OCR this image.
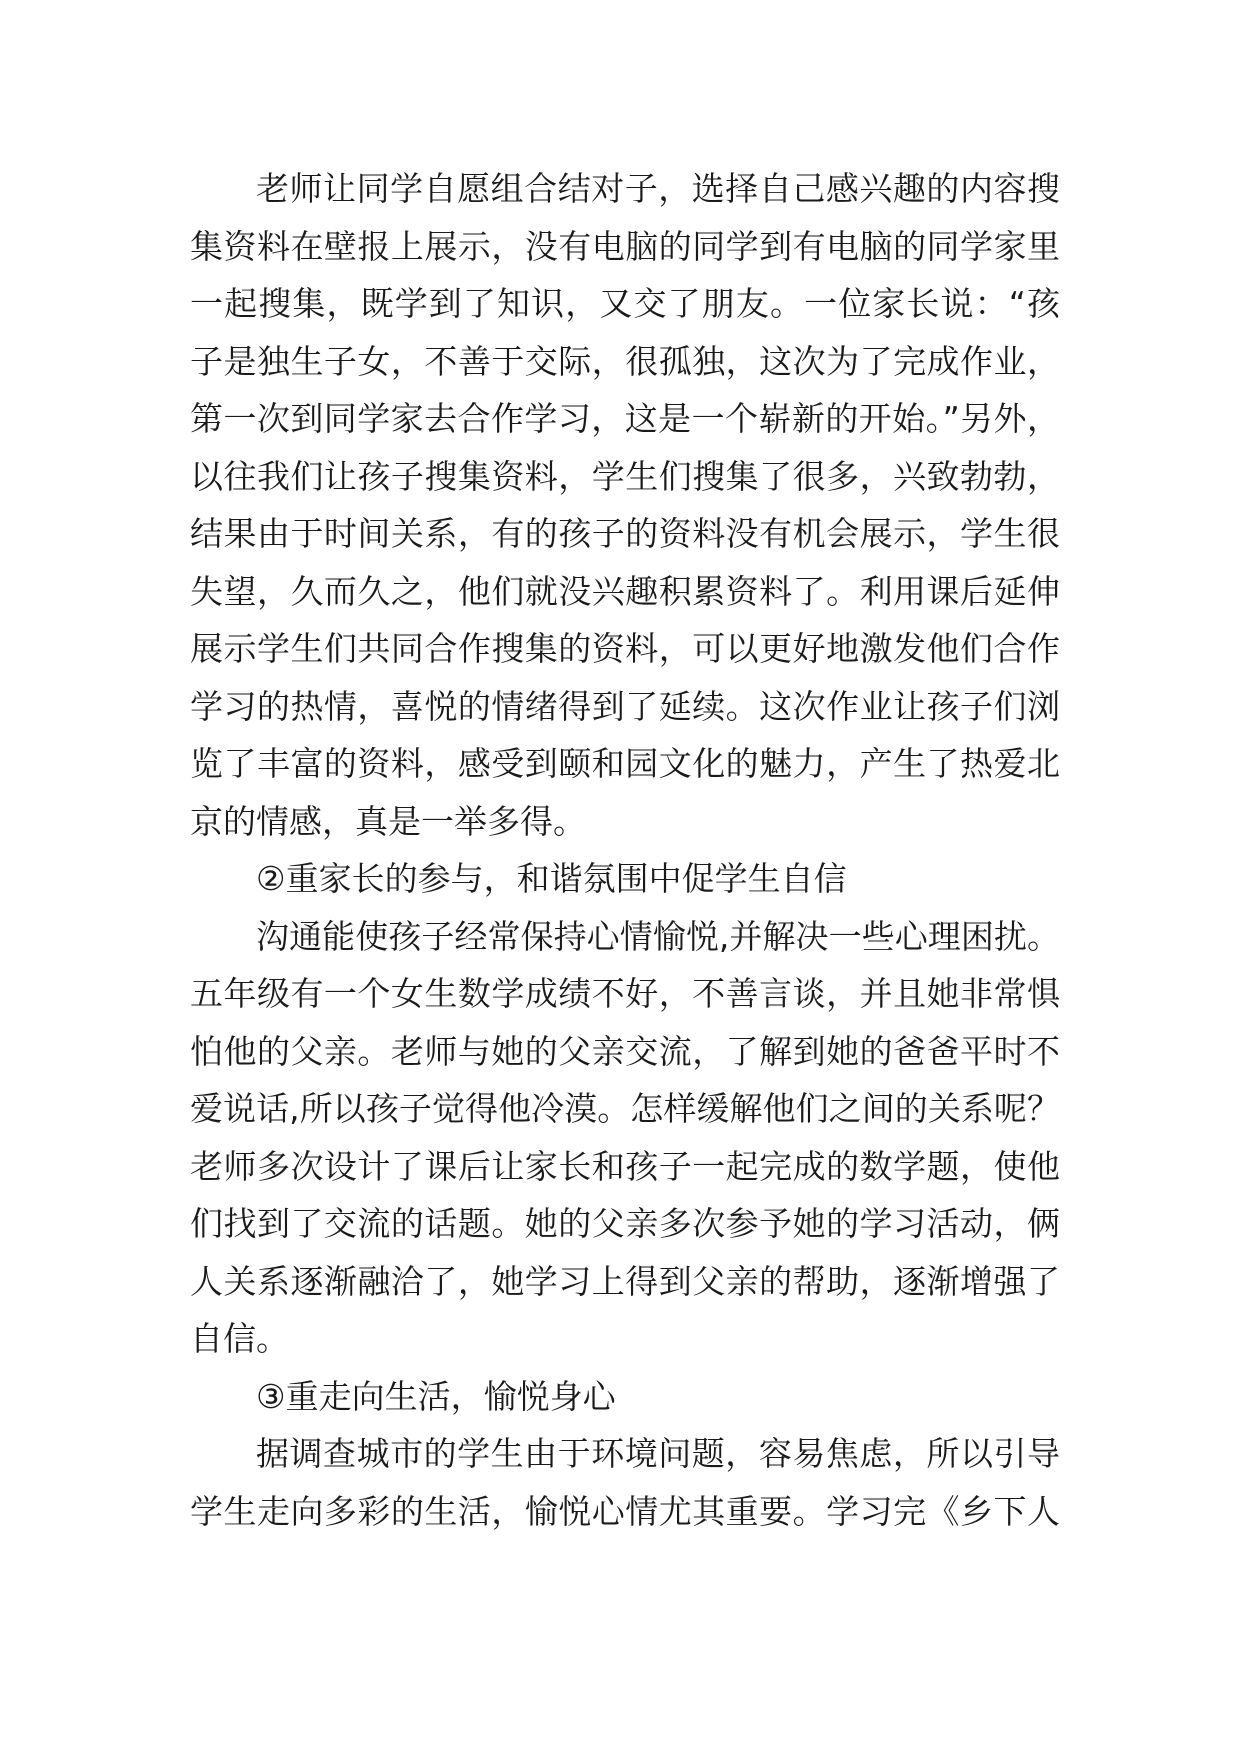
老师让同学自愿组合结对子，选择自己感兴趣的内容搜
集资料在壁报上展示，没有电脑的同学到有电脑的同学家里
一起搜集，既学到了知识，又交了朋友。一位家长说：“孩
子是独生子女，不善于交际，很孤独，这次为了完成作业，
第一次到同学家去合作学习，这是一个崭新的开始。”另外，
以往我们让孩子搜集资料，学生们搜集了很多，兴致勃勃，
结果由于时间关系，有的孩子的资料没有机会展示，学生很
失望，久而久之，他们就没兴趣积累资料了。利用课后延伸
展示学生们共同合作搜集的资料，可以更好地激发他们合作
学习的热情，喜悦的情绪得到了延续。这次作业让孩子们浏
览了丰富的资料，感受到颐和园文化的魅力，产生了热爱北
京的情感，真是一举多得。
②重家长的参与，和谐氛围中促学生自信
沟通能使孩子经常保持心情愉悦,并解决一些心理困扰。
五年级有一个女生数学成绩不好，不善言谈，并且她非常惧
怕他的父亲。老师与她的父亲交流，了解到她的爸爸平时不
爱说话,所以孩子觉得他冷漠。怎样缓解他们之间的关系呢？
老师多次设计了课后让家长和孩子一起完成的数学题，使他
们找到了交流的话题。她的父亲多次参予她的学习活动，俩
人关系逐渐融洽了，她学习上得到父亲的帮助，逐渐增强了
自信。
③重走向生活，愉悦身心
据调查城市的学生由于环境问题，容易焦虑，所以引导
学生走向多彩的生活，愉悦心情尤其重要。学习完《乡下人
